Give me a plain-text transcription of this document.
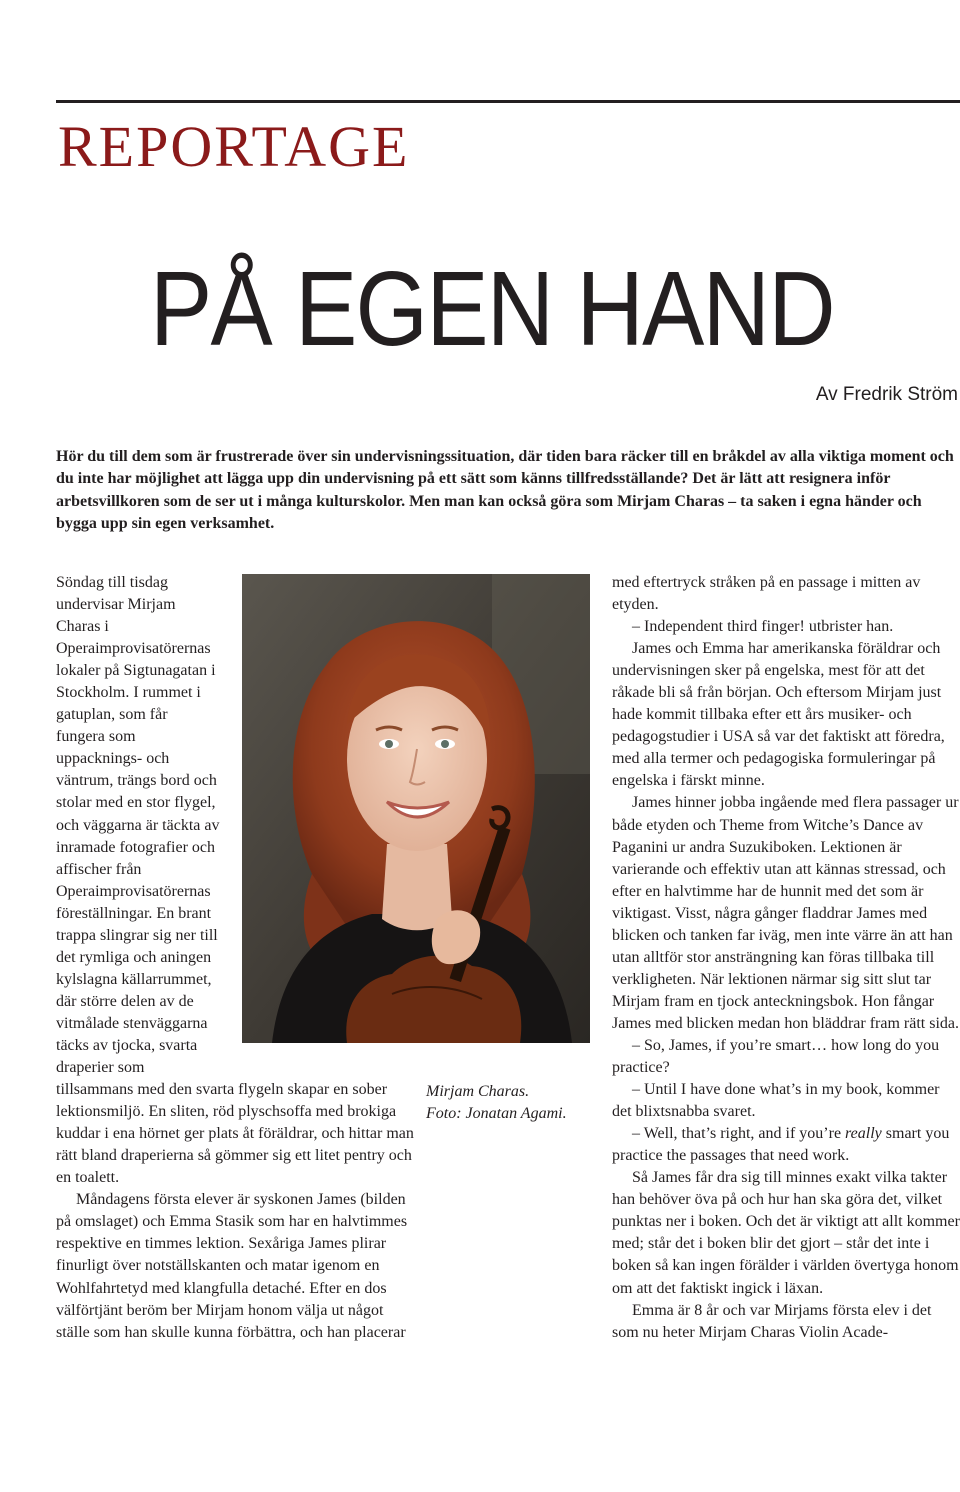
REPORTAGE
PÅ EGEN HAND

Av Fredrik Ström

Hör du till dem som är frustrerade över sin undervisningssituation, där tiden bara räcker till en bråkdel av alla viktiga moment och du inte har möjlighet att lägga upp din undervisning på ett sätt som känns tillfredsställande? Det är lätt att resignera inför arbetsvillkoren som de ser ut i många kulturskolor. Men man kan också göra som Mirjam Charas – ta saken i egna händer och bygga upp sin egen verksamhet.

Söndag till tisdag undervisar Mirjam Charas i Operaimprovisatörernas lokaler på Sigtunagatan i Stockholm. I rummet i gatuplan, som får fungera som uppacknings- och väntrum, trängs bord och stolar med en stor flygel, och väggarna är täckta av inramade fotografier och affischer från Operaimprovisatörernas föreställningar. En brant trappa slingrar sig ner till det rymliga och aningen kylslagna källarrummet, där större delen av de vitmålade stenväggarna täcks av tjocka, svarta draperier som tillsammans med den svarta flygeln skapar en sober lektionsmiljö. En sliten, röd plyschsoffa med brokiga kuddar i ena hörnet ger plats åt föräldrar, och hittar man rätt bland draperierna så gömmer sig ett litet pentry och en toalett.

Måndagens första elever är syskonen James (bilden på omslaget) och Emma Stasik som har en halvtimmes respektive en timmes lektion. Sexåriga James plirar finurligt över notställskanten och matar igenom en Wohlfahrtetyd med klangfulla detaché. Efter en dos välförtjänt beröm ber Mirjam honom välja ut något ställe som han skulle kunna förbättra, och han placerar

Mirjam Charas.
Foto: Jonatan Agami.

med eftertryck stråken på en passage i mitten av etyden.

– Independent third finger! utbrister han.

James och Emma har amerikanska föräldrar och undervisningen sker på engelska, mest för att det råkade bli så från början. Och eftersom Mirjam just hade kommit tillbaka efter ett års musiker- och pedagogstudier i USA så var det faktiskt att föredra, med alla termer och pedagogiska formuleringar på engelska i färskt minne.

James hinner jobba ingående med flera passager ur både etyden och Theme from Witche’s Dance av Paganini ur andra Suzukiboken. Lektionen är varierande och effektiv utan att kännas stressad, och efter en halvtimme har de hunnit med det som är viktigast. Visst, några gånger fladdrar James med blicken och tanken far iväg, men inte värre än att han utan alltför stor ansträngning kan föras tillbaka till verkligheten. När lektionen närmar sig sitt slut tar Mirjam fram en tjock anteckningsbok. Hon fångar James med blicken medan hon bläddrar fram rätt sida.

– So, James, if you’re smart… how long do you practice?

– Until I have done what’s in my book, kommer det blixtsnabba svaret.

– Well, that’s right, and if you’re really smart you practice the passages that need work.

Så James får dra sig till minnes exakt vilka takter han behöver öva på och hur han ska göra det, vilket punktas ner i boken. Och det är viktigt att allt kommer med; står det i boken blir det gjort – står det inte i boken så kan ingen förälder i världen övertyga honom om att det faktiskt ingick i läxan.

Emma är 8 år och var Mirjams första elev i det som nu heter Mirjam Charas Violin Acade-
